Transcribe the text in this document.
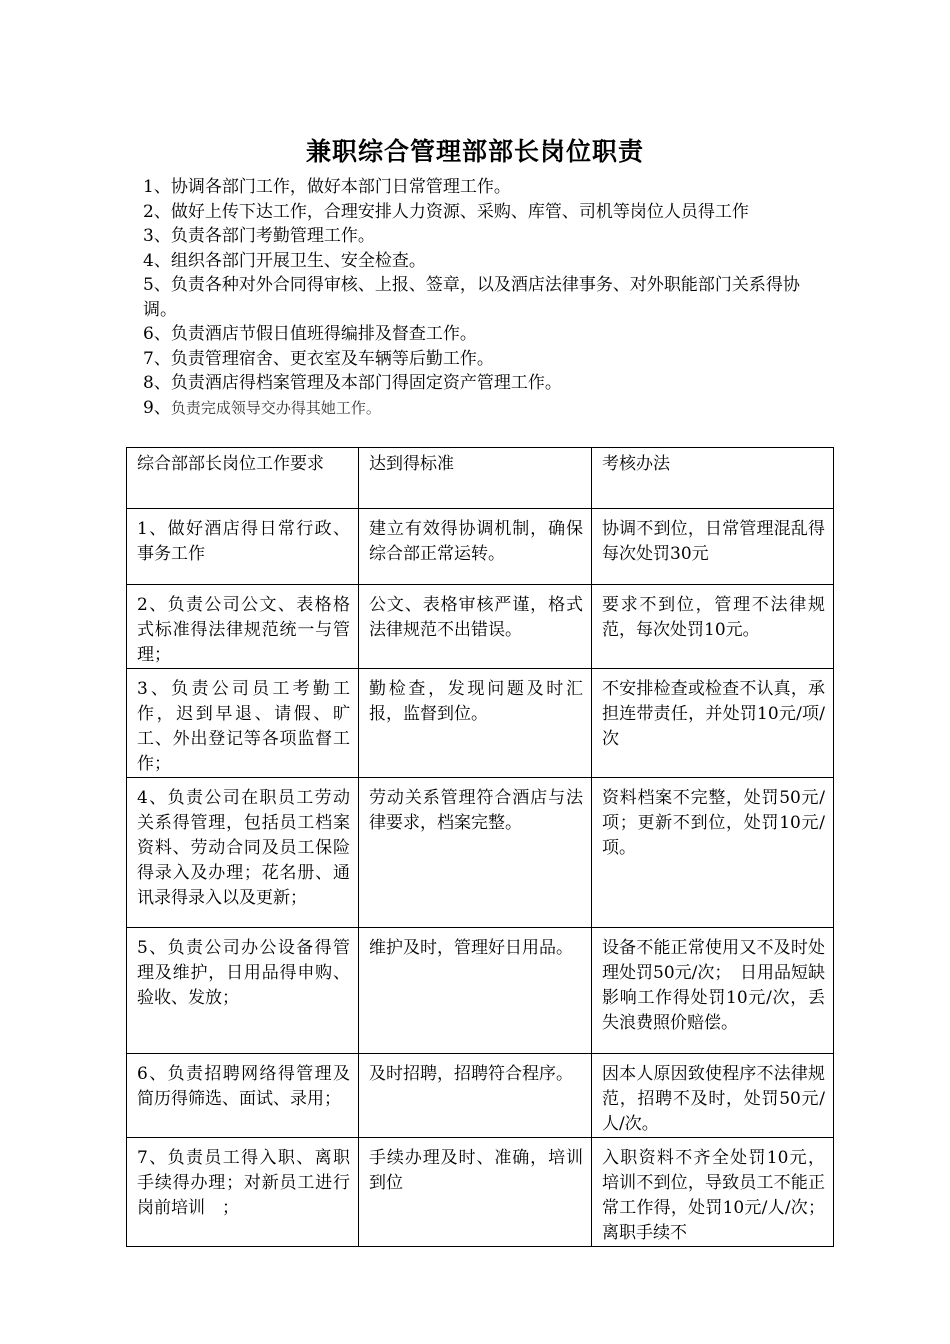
兼职综合管理部部长岗位职责

1、协调各部门工作，做好本部门日常管理工作。

2、做好上传下达工作，合理安排人力资源、采购、库管、司机等岗位人员得工作

3、负责各部门考勤管理工作。

4、组织各部门开展卫生、安全检查。

5、负责各种对外合同得审核、上报、签章，以及酒店法律事务、对外职能部门关系得协调。

6、负责酒店节假日值班得编排及督查工作。

7、负责管理宿舍、更衣室及车辆等后勤工作。

8、负责酒店得档案管理及本部门得固定资产管理工作。

9、负责完成领导交办得其她工作。

综合部部长岗位工作要求	达到得标准	考核办法
1、做好酒店得日常行政、事务工作	建立有效得协调机制，确保综合部正常运转。	协调不到位，日常管理混乱得每次处罚30元
2、负责公司公文、表格格式标准得法律规范统一与管理；	公文、表格审核严谨，格式法律规范不出错误。	要求不到位，管理不法律规范，每次处罚10元。
3、负责公司员工考勤工作，迟到早退、请假、旷工、外出登记等各项监督工作；	勤检查，发现问题及时汇报，监督到位。	不安排检查或检查不认真，承担连带责任，并处罚10元/项/次
4、负责公司在职员工劳动关系得管理，包括员工档案资料、劳动合同及员工保险得录入及办理；花名册、通讯录得录入以及更新；	劳动关系管理符合酒店与法律要求，档案完整。	资料档案不完整，处罚50元/项；更新不到位，处罚10元/项。
5、负责公司办公设备得管理及维护，日用品得申购、验收、发放；	维护及时，管理好日用品。	设备不能正常使用又不及时处理处罚50元/次；　日用品短缺影响工作得处罚10元/次，丢失浪费照价赔偿。
6、负责招聘网络得管理及简历得筛选、面试、录用；	及时招聘，招聘符合程序。	因本人原因致使程序不法律规范，招聘不及时，处罚50元/人/次。
7、负责员工得入职、离职手续得办理；对新员工进行岗前培训　；	手续办理及时、准确，培训到位	入职资料不齐全处罚10元，培训不到位，导致员工不能正常工作得，处罚10元/人/次；离职手续不
